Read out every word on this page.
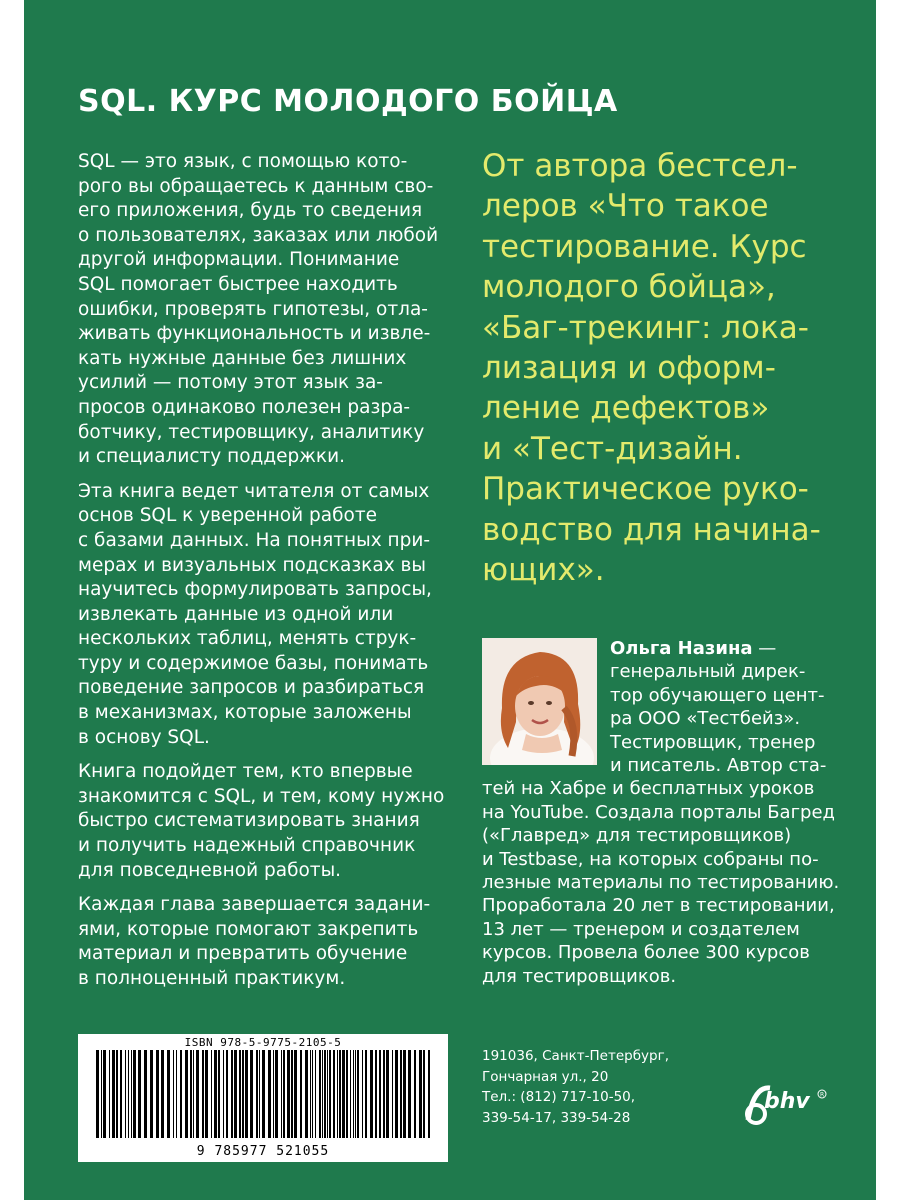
SQL. КУРС МОЛОДОГО БОЙЦА

SQL — это язык, с помощью кото-
рого вы обращаетесь к данным сво-
его приложения, будь то сведения
о пользователях, заказах или любой
другой информации. Понимание
SQL помогает быстрее находить
ошибки, проверять гипотезы, отла-
живать функциональность и извле-
кать нужные данные без лишних
усилий — потому этот язык за-
просов одинаково полезен разра-
ботчику, тестировщику, аналитику
и специалисту поддержки.

Эта книга ведет читателя от самых
основ SQL к уверенной работе
с базами данных. На понятных при-
мерах и визуальных подсказках вы
научитесь формулировать запросы,
извлекать данные из одной или
нескольких таблиц, менять струк-
туру и содержимое базы, понимать
поведение запросов и разбираться
в механизмах, которые заложены
в основу SQL.

Книга подойдет тем, кто впервые
знакомится с SQL, и тем, кому нужно
быстро систематизировать знания
и получить надежный справочник
для повседневной работы.

Каждая глава завершается задани-
ями, которые помогают закрепить
материал и превратить обучение
в полноценный практикум.

От автора бестсел-
леров «Что такое
тестирование. Курс
молодого бойца»,
«Баг-трекинг: лока-
лизация и оформ-
ление дефектов»
и «Тест-дизайн.
Практическое руко-
водство для начина-
ющих».
Ольга Назина —
генеральный дирек-
тор обучающего цент-
ра ООО «Тестбейз».
Тестировщик, тренер
и писатель. Автор ста-
тей на Хабре и бесплатных уроков
на YouTube. Создала порталы Багред
(«Главред» для тестировщиков)
и Testbase, на которых собраны по-
лезные материалы по тестированию.
Проработала 20 лет в тестировании,
13 лет — тренером и создателем
курсов. Провела более 300 курсов
для тестировщиков.
ISBN 978-5-9775-2105-5
9 785977 521055
191036, Санкт-Петербург,
Гончарная ул., 20
Тел.: (812) 717-10-50,
339-54-17, 339-54-28
bhv R
